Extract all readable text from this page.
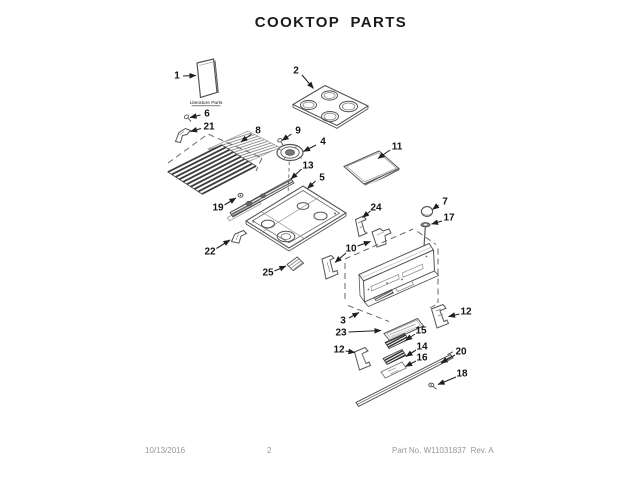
COOKTOP PARTS
Literature Parts
1	2
6
21	8	9
4
13
5
11
19
22
25
24
7
17
10
3
23	15
12
12
14
16
20
18
10/13/2016	2	Part No. W11031837  Rev. A
